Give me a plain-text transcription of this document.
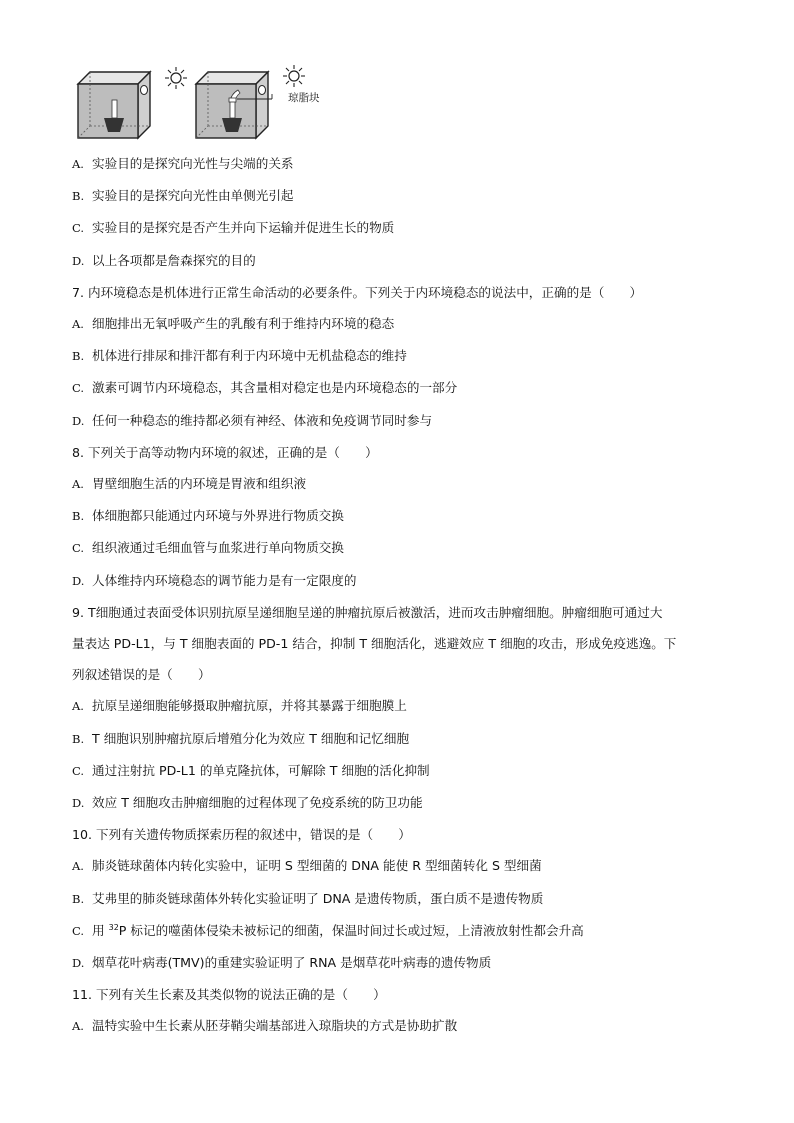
琼脂块
A. 实验目的是探究向光性与尖端的关系
B. 实验目的是探究向光性由单侧光引起
C. 实验目的是探究是否产生并向下运输并促进生长的物质
D. 以上各项都是詹森探究的目的
7. 内环境稳态是机体进行正常生命活动的必要条件。下列关于内环境稳态的说法中，正确的是（　　）
A. 细胞排出无氧呼吸产生的乳酸有利于维持内环境的稳态
B. 机体进行排尿和排汗都有利于内环境中无机盐稳态的维持
C. 激素可调节内环境稳态，其含量相对稳定也是内环境稳态的一部分
D. 任何一种稳态的维持都必须有神经、体液和免疫调节同时参与
8. 下列关于高等动物内环境的叙述，正确的是（　　）
A. 胃壁细胞生活的内环境是胃液和组织液
B. 体细胞都只能通过内环境与外界进行物质交换
C. 组织液通过毛细血管与血浆进行单向物质交换
D. 人体维持内环境稳态的调节能力是有一定限度的
9. T细胞通过表面受体识别抗原呈递细胞呈递的肿瘤抗原后被激活，进而攻击肿瘤细胞。肿瘤细胞可通过大
量表达 PD-L1，与 T 细胞表面的 PD-1 结合，抑制 T 细胞活化，逃避效应 T 细胞的攻击，形成免疫逃逸。下
列叙述错误的是（　　）
A. 抗原呈递细胞能够摄取肿瘤抗原，并将其暴露于细胞膜上
B. T 细胞识别肿瘤抗原后增殖分化为效应 T 细胞和记忆细胞
C. 通过注射抗 PD-L1 的单克隆抗体，可解除 T 细胞的活化抑制
D. 效应 T 细胞攻击肿瘤细胞的过程体现了免疫系统的防卫功能
10. 下列有关遗传物质探索历程的叙述中，错误的是（　　）
A. 肺炎链球菌体内转化实验中，证明 S 型细菌的 DNA 能使 R 型细菌转化 S 型细菌
B. 艾弗里的肺炎链球菌体外转化实验证明了 DNA 是遗传物质，蛋白质不是遗传物质
C. 用 $^{32}$P 标记的噬菌体侵染未被标记的细菌，保温时间过长或过短，上清液放射性都会升高
D. 烟草花叶病毒(TMV)的重建实验证明了 RNA 是烟草花叶病毒的遗传物质
11. 下列有关生长素及其类似物的说法正确的是（　　）
A. 温特实验中生长素从胚芽鞘尖端基部进入琼脂块的方式是协助扩散
